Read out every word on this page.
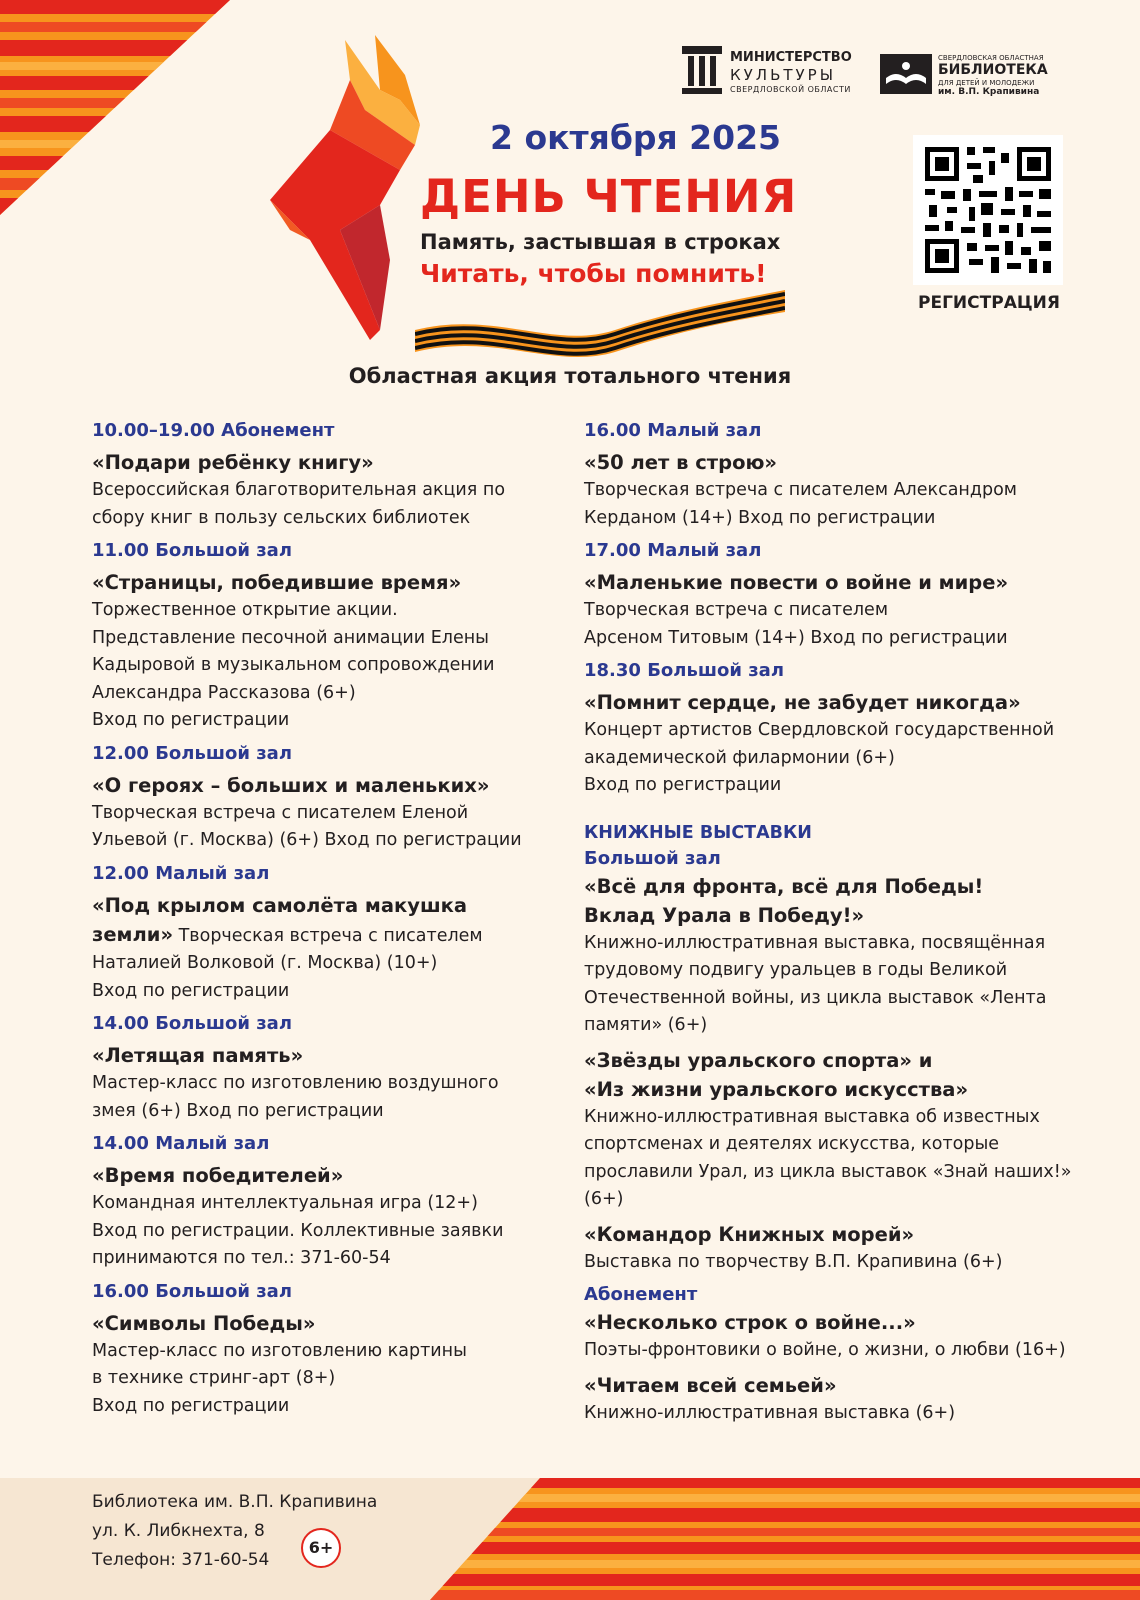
2 октября 2025
ДЕНЬ ЧТЕНИЯ
Память, застывшая в строках
Читать, чтобы помнить!
Областная акция тотального чтения
МИНИСТЕРСТВО
КУЛЬТУРЫ
СВЕРДЛОВСКОЙ ОБЛАСТИ
СВЕРДЛОВСКАЯ ОБЛАСТНАЯ
БИБЛИОТЕКА
ДЛЯ ДЕТЕЙ И МОЛОДЕЖИ
им. В.П. Крапивина
РЕГИСТРАЦИЯ
10.00–19.00 Абонемент
«Подари ребёнку книгу»
Всероссийская благотворительная акция по
сбору книг в пользу сельских библиотек
11.00 Большой зал
«Страницы, победившие время»
Торжественное открытие акции.
Представление песочной анимации Елены
Кадыровой в музыкальном сопровождении
Александра Рассказова (6+)
Вход по регистрации
12.00 Большой зал
«О героях – больших и маленьких»
Творческая встреча с писателем Еленой
Ульевой (г. Москва) (6+) Вход по регистрации
12.00 Малый зал
«Под крылом самолёта макушка
земли» Творческая встреча с писателем
Наталией Волковой (г. Москва) (10+)
Вход по регистрации
14.00 Большой зал
«Летящая память»
Мастер-класс по изготовлению воздушного
змея (6+) Вход по регистрации
14.00 Малый зал
«Время победителей»
Командная интеллектуальная игра (12+)
Вход по регистрации. Коллективные заявки
принимаются по тел.: 371-60-54
16.00 Большой зал
«Символы Победы»
Мастер-класс по изготовлению картины
в технике стринг-арт (8+)
Вход по регистрации
16.00 Малый зал
«50 лет в строю»
Творческая встреча с писателем Александром
Керданом (14+) Вход по регистрации
17.00 Малый зал
«Маленькие повести о войне и мире»
Творческая встреча с писателем
Арсеном Титовым (14+) Вход по регистрации
18.30 Большой зал
«Помнит сердце, не забудет никогда»
Концерт артистов Свердловской государственной
академической филармонии (6+)
Вход по регистрации
КНИЖНЫЕ ВЫСТАВКИ
Большой зал
«Всё для фронта, всё для Победы!
Вклад Урала в Победу!»
Книжно-иллюстративная выставка, посвящённая
трудовому подвигу уральцев в годы Великой
Отечественной войны, из цикла выставок «Лента
памяти» (6+)
«Звёзды уральского спорта» и
«Из жизни уральского искусства»
Книжно-иллюстративная выставка об известных
спортсменах и деятелях искусства, которые
прославили Урал, из цикла выставок «Знай наших!»
(6+)
«Командор Книжных морей»
Выставка по творчеству В.П. Крапивина (6+)
Абонемент
«Несколько строк о войне...»
Поэты-фронтовики о войне, о жизни, о любви (16+)
«Читаем всей семьей»
Книжно-иллюстративная выставка (6+)
Библиотека им. В.П. Крапивина
ул. К. Либкнехта, 8
Телефон: 371-60-54
6+
